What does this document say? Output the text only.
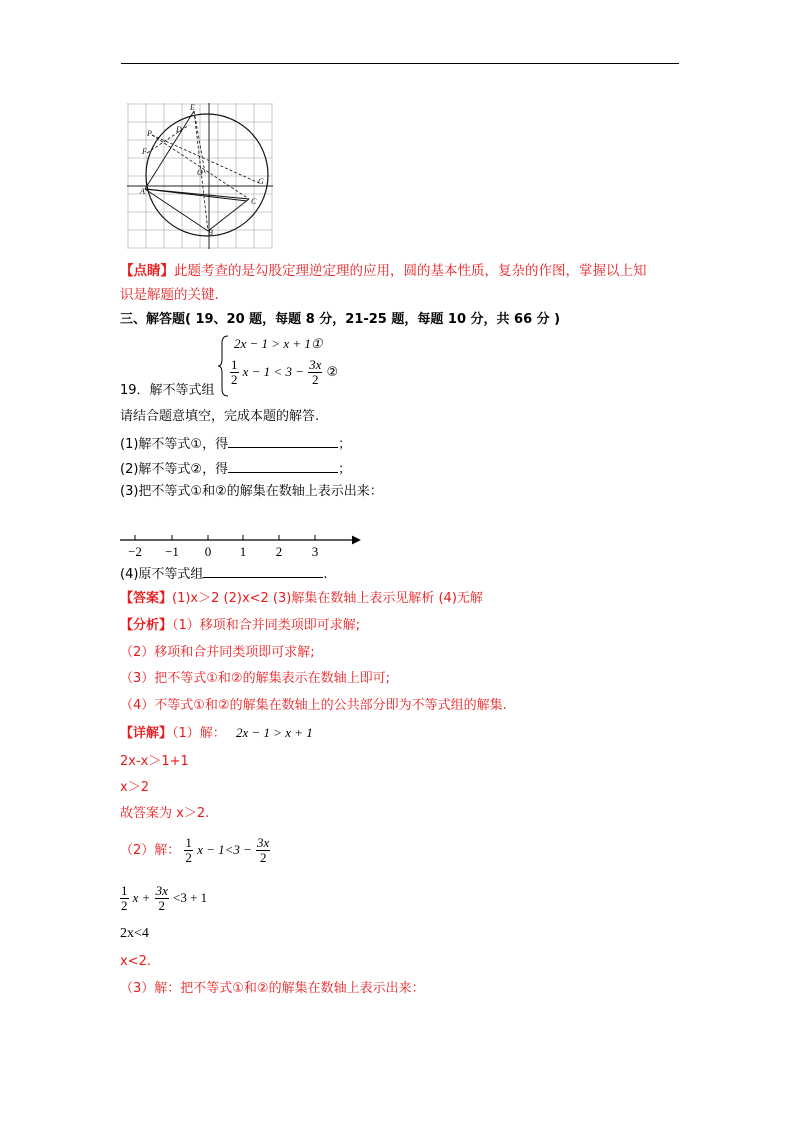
E
D
P
F
O
G
A
C
B
【点睛】此题考查的是勾股定理逆定理的应用，圆的基本性质，复杂的作图，掌握以上知
识是解题的关键.
三、解答题( 19、20 题，每题 8 分，21-25 题，每题 10 分，共 66 分 )
2x − 1 > x + 1①
$\frac{1}{2}$ $x - 1 < 3 - \frac{3x}{2}$ ②
19．解不等式组
请结合题意填空，完成本题的解答.
(1)解不等式①，得	；
(2)解不等式②，得	；
(3)把不等式①和②的解集在数轴上表示出来：
−2 −1 0 1 2 3
(4)原不等式组	.
【答案】(1)x＞2 (2)x<2 (3)解集在数轴上表示见解析 (4)无解
【分析】（1）移项和合并同类项即可求解;
（2）移项和合并同类项即可求解;
（3）把不等式①和②的解集表示在数轴上即可;
（4）不等式①和②的解集在数轴上的公共部分即为不等式组的解集.
【详解】（1）解： 2x − 1 > x + 1
2x-x＞1+1
x＞2
故答案为 x＞2.
（2）解： $\frac{1}{2}$ $x - 1<3 - \frac{3x}{2}$
$\frac{1}{2}$ $x + \frac{3x}{2} <3 + 1$
2x<4
x<2.
（3）解：把不等式①和②的解集在数轴上表示出来：
